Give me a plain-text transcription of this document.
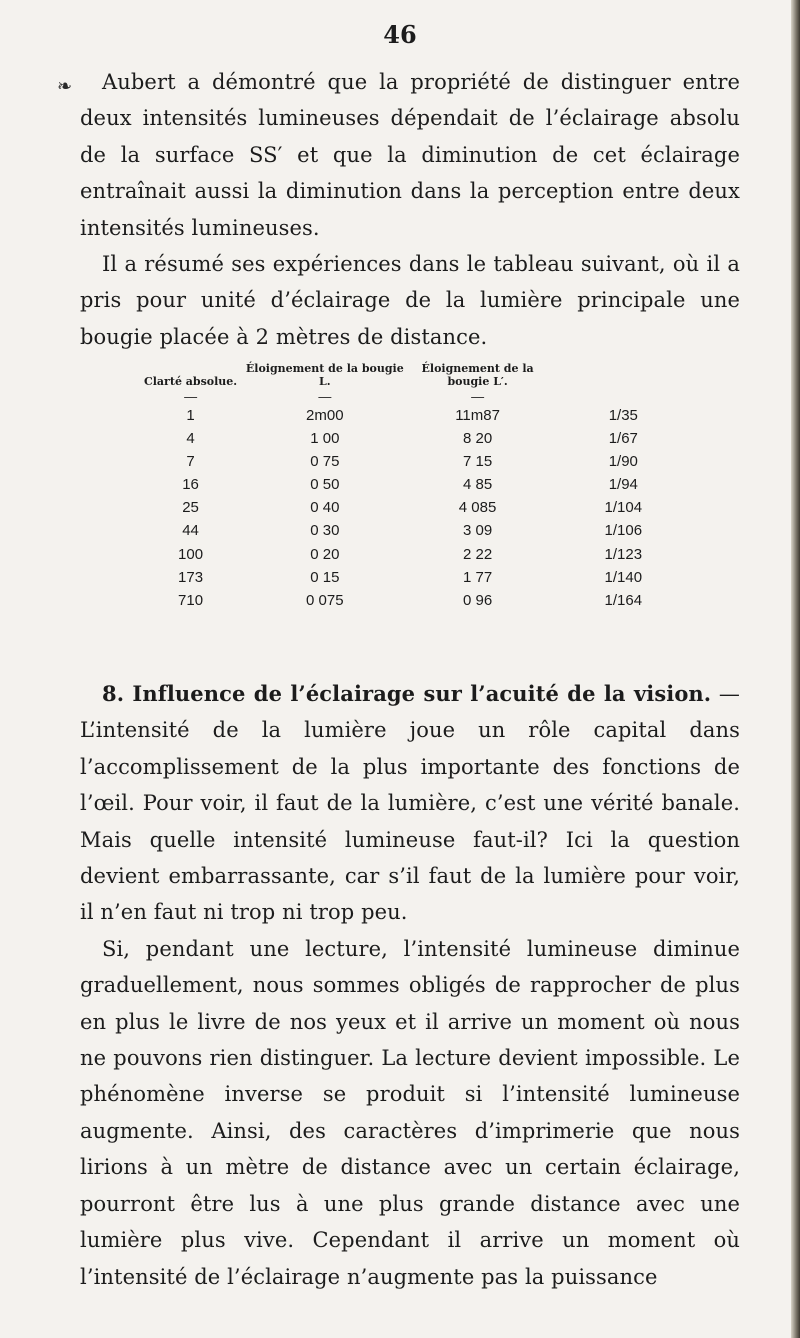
46
❧	Aubert a démontré que la propriété de distinguer entre deux intensités lumineuses dépendait de l’éclairage absolu de la surface SS′ et que la diminution de cet éclairage entraînait aussi la diminution dans la perception entre deux intensités lumineuses.

Il a résumé ses expériences dans le tableau suivant, où il a pris pour unité d’éclairage de la lumière principale une bougie placée à 2 mètres de distance.

Clarté absolue.	Éloignement de la bougie L.	Éloignement de la bougie L′.	
—	—	—	
1	2m00	11m87	1/35
4	1 00	8 20	1/67
7	0 75	7 15	1/90
16	0 50	4 85	1/94
25	0 40	4 085	1/104
44	0 30	3 09	1/106
100	0 20	2 22	1/123
173	0 15	1 77	1/140
710	0 075	0 96	1/164

8. Influence de l’éclairage sur l’acuité de la vision. — L’intensité de la lumière joue un rôle capital dans l’accomplissement de la plus importante des fonctions de l’œil. Pour voir, il faut de la lumière, c’est une vérité banale. Mais quelle intensité lumineuse faut-il? Ici la question devient embarrassante, car s’il faut de la lumière pour voir, il n’en faut ni trop ni trop peu.

Si, pendant une lecture, l’intensité lumineuse diminue graduellement, nous sommes obligés de rapprocher de plus en plus le livre de nos yeux et il arrive un moment où nous ne pouvons rien distinguer. La lecture devient impossible. Le phénomène inverse se produit si l’intensité lumineuse augmente. Ainsi, des caractères d’imprimerie que nous lirions à un mètre de distance avec un certain éclairage, pourront être lus à une plus grande distance avec une lumière plus vive. Cependant il arrive un moment où l’intensité de l’éclairage n’augmente pas la puissance
